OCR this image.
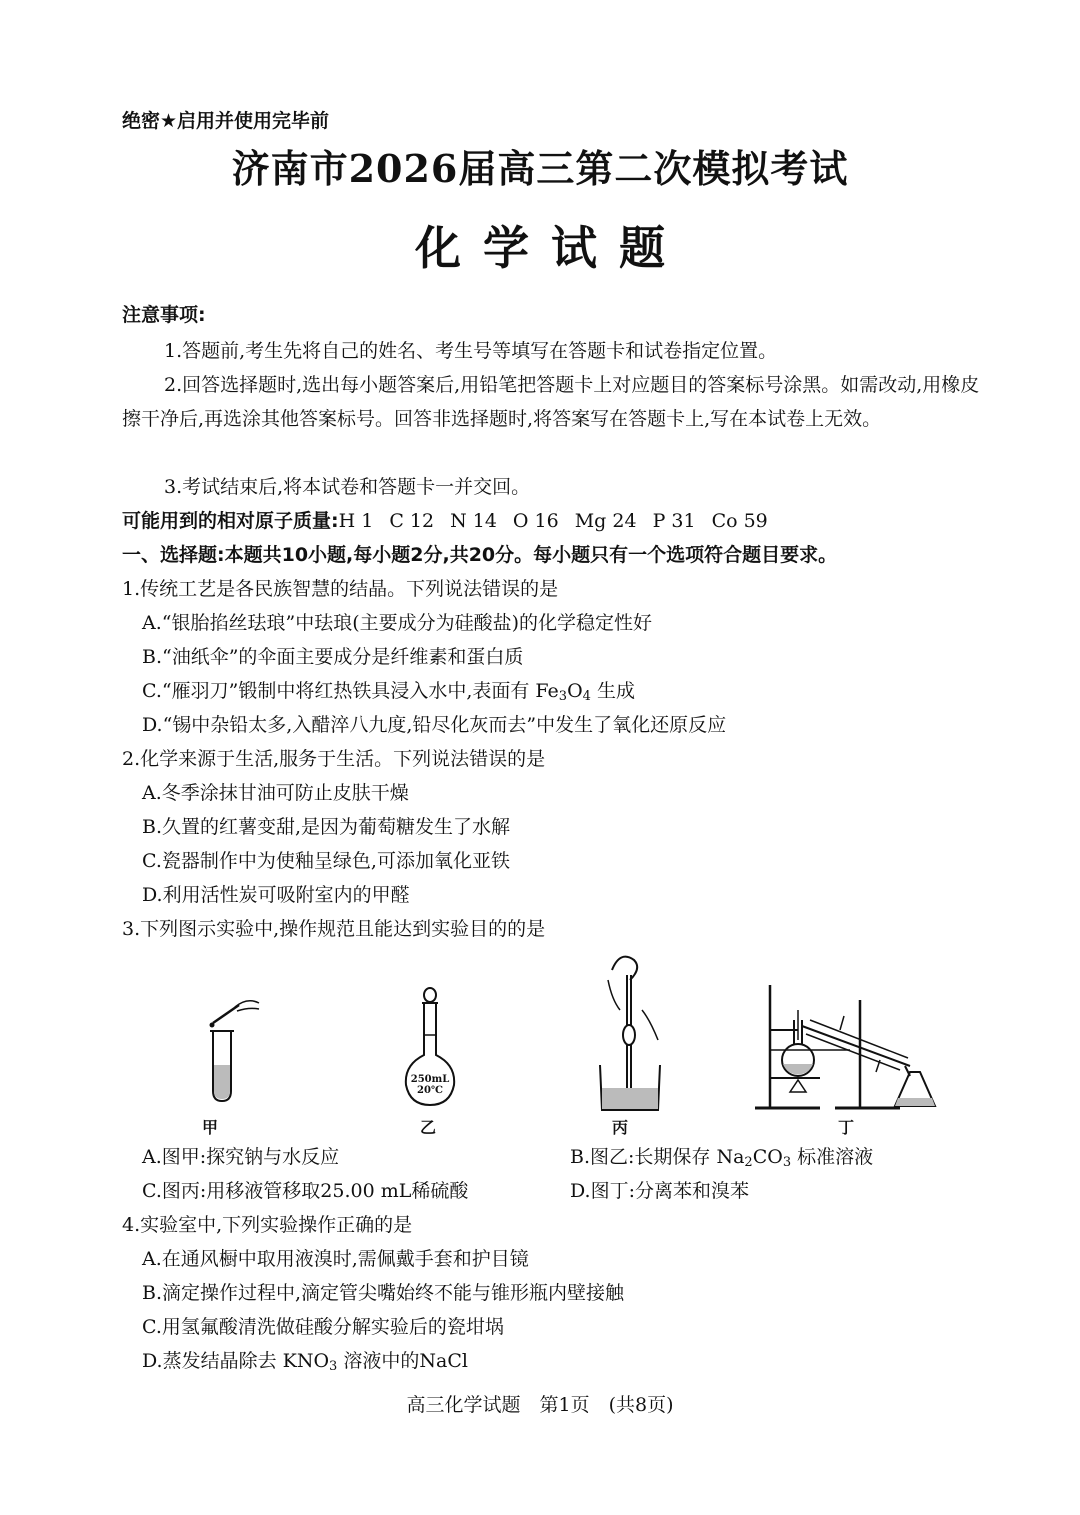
绝密★启用并使用完毕前
济南市2026届高三第二次模拟考试
化学试题
注意事项:

1.答题前,考生先将自己的姓名、考生号等填写在答题卡和试卷指定位置。

2.回答选择题时,选出每小题答案后,用铅笔把答题卡上对应题目的答案标号涂黑。如需改动,用橡皮擦干净后,再选涂其他答案标号。回答非选择题时,将答案写在答题卡上,写在本试卷上无效。

3.考试结束后,将本试卷和答题卡一并交回。

可能用到的相对原子质量:H 1 C 12 N 14 O 16 Mg 24 P 31 Co 59
一、选择题:本题共10小题,每小题2分,共20分。每小题只有一个选项符合题目要求。
1.传统工艺是各民族智慧的结晶。下列说法错误的是
A.“银胎掐丝珐琅”中珐琅(主要成分为硅酸盐)的化学稳定性好
B.“油纸伞”的伞面主要成分是纤维素和蛋白质
C.“雁羽刀”锻制中将红热铁具浸入水中,表面有 $Fe_3O_4$ 生成
D.“锡中杂铅太多,入醋淬八九度,铅尽化灰而去”中发生了氧化还原反应
2.化学来源于生活,服务于生活。下列说法错误的是
A.冬季涂抹甘油可防止皮肤干燥
B.久置的红薯变甜,是因为葡萄糖发生了水解
C.瓷器制作中为使釉呈绿色,可添加氧化亚铁
D.利用活性炭可吸附室内的甲醛
3.下列图示实验中,操作规范且能达到实验目的的是
甲
250mL
20℃
乙	丙	丁
A.图甲:探究钠与水反应	B.图乙:长期保存 $Na_2CO_3$ 标准溶液
C.图丙:用移液管移取25.00 mL稀硫酸	D.图丁:分离苯和溴苯
4.实验室中,下列实验操作正确的是
A.在通风橱中取用液溴时,需佩戴手套和护目镜
B.滴定操作过程中,滴定管尖嘴始终不能与锥形瓶内壁接触
C.用氢氟酸清洗做硅酸分解实验后的瓷坩埚
D.蒸发结晶除去 $KNO_3$ 溶液中的NaCl
高三化学试题　第1页　(共8页)
